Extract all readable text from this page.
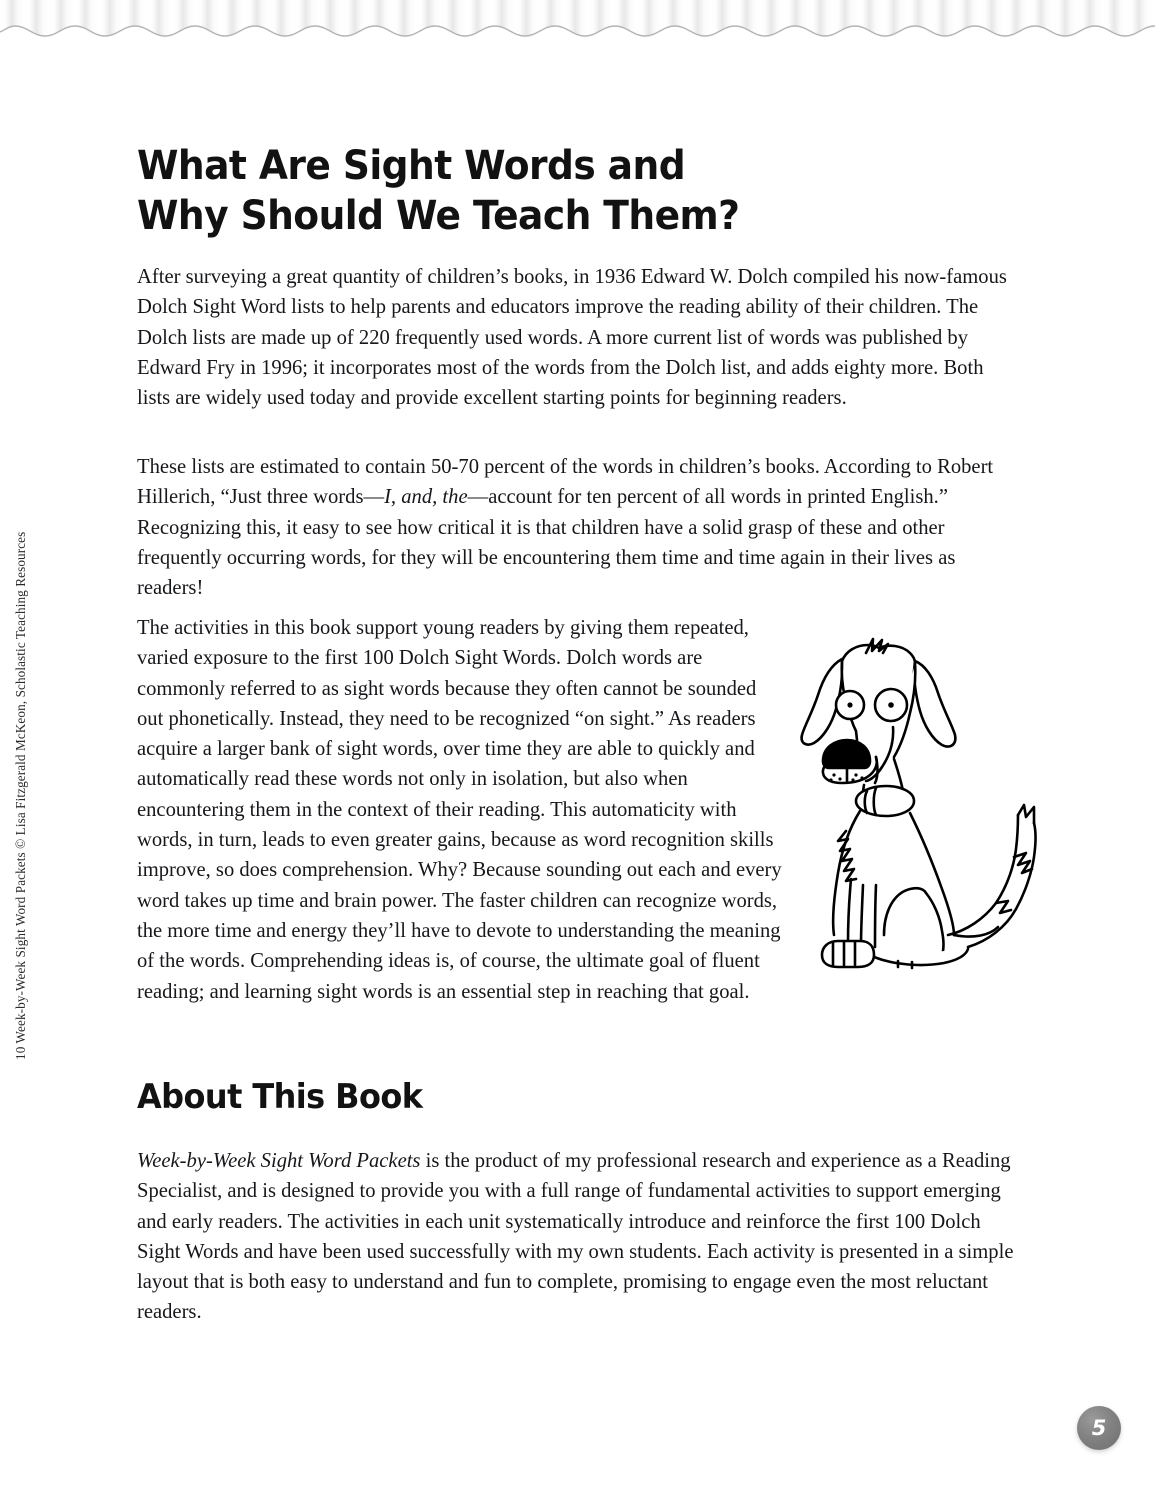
10 Week-by-Week Sight Word Packets © Lisa Fitzgerald McKeon, Scholastic Teaching Resources
What Are Sight Words and
Why Should We Teach Them?

After surveying a great quantity of children’s books, in 1936 Edward W. Dolch compiled his now-famous Dolch Sight Word lists to help parents and educators improve the reading ability of their children. The Dolch lists are made up of 220 frequently used words. A more current list of words was published by Edward Fry in 1996; it incorporates most of the words from the Dolch list, and adds eighty more. Both lists are widely used today and provide excellent starting points for beginning readers.

These lists are estimated to contain 50-70 percent of the words in children’s books. According to Robert Hillerich, “Just three words—I, and, the—account for ten percent of all words in printed English.” Recognizing this, it easy to see how critical it is that children have a solid grasp of these and other frequently occurring words, for they will be encountering them time and time again in their lives as readers!

The activities in this book support young readers by giving them repeated, varied exposure to the first 100 Dolch Sight Words. Dolch words are commonly referred to as sight words because they often cannot be sounded out phonetically. Instead, they need to be recognized “on sight.” As readers acquire a larger bank of sight words, over time they are able to quickly and automatically read these words not only in isolation, but also when encountering them in the context of their reading. This automaticity with words, in turn, leads to even greater gains, because as word recognition skills improve, so does comprehension. Why? Because sounding out each and every word takes up time and brain power. The faster children can recognize words, the more time and energy they’ll have to devote to understanding the meaning of the words. Comprehending ideas is, of course, the ultimate goal of fluent reading; and learning sight words is an essential step in reaching that goal.

About This Book

Week-by-Week Sight Word Packets is the product of my professional research and experience as a Reading Specialist, and is designed to provide you with a full range of fundamental activities to support emerging and early readers. The activities in each unit systematically introduce and reinforce the first 100 Dolch Sight Words and have been used successfully with my own students. Each activity is presented in a simple layout that is both easy to understand and fun to complete, promising to engage even the most reluctant readers.

5
